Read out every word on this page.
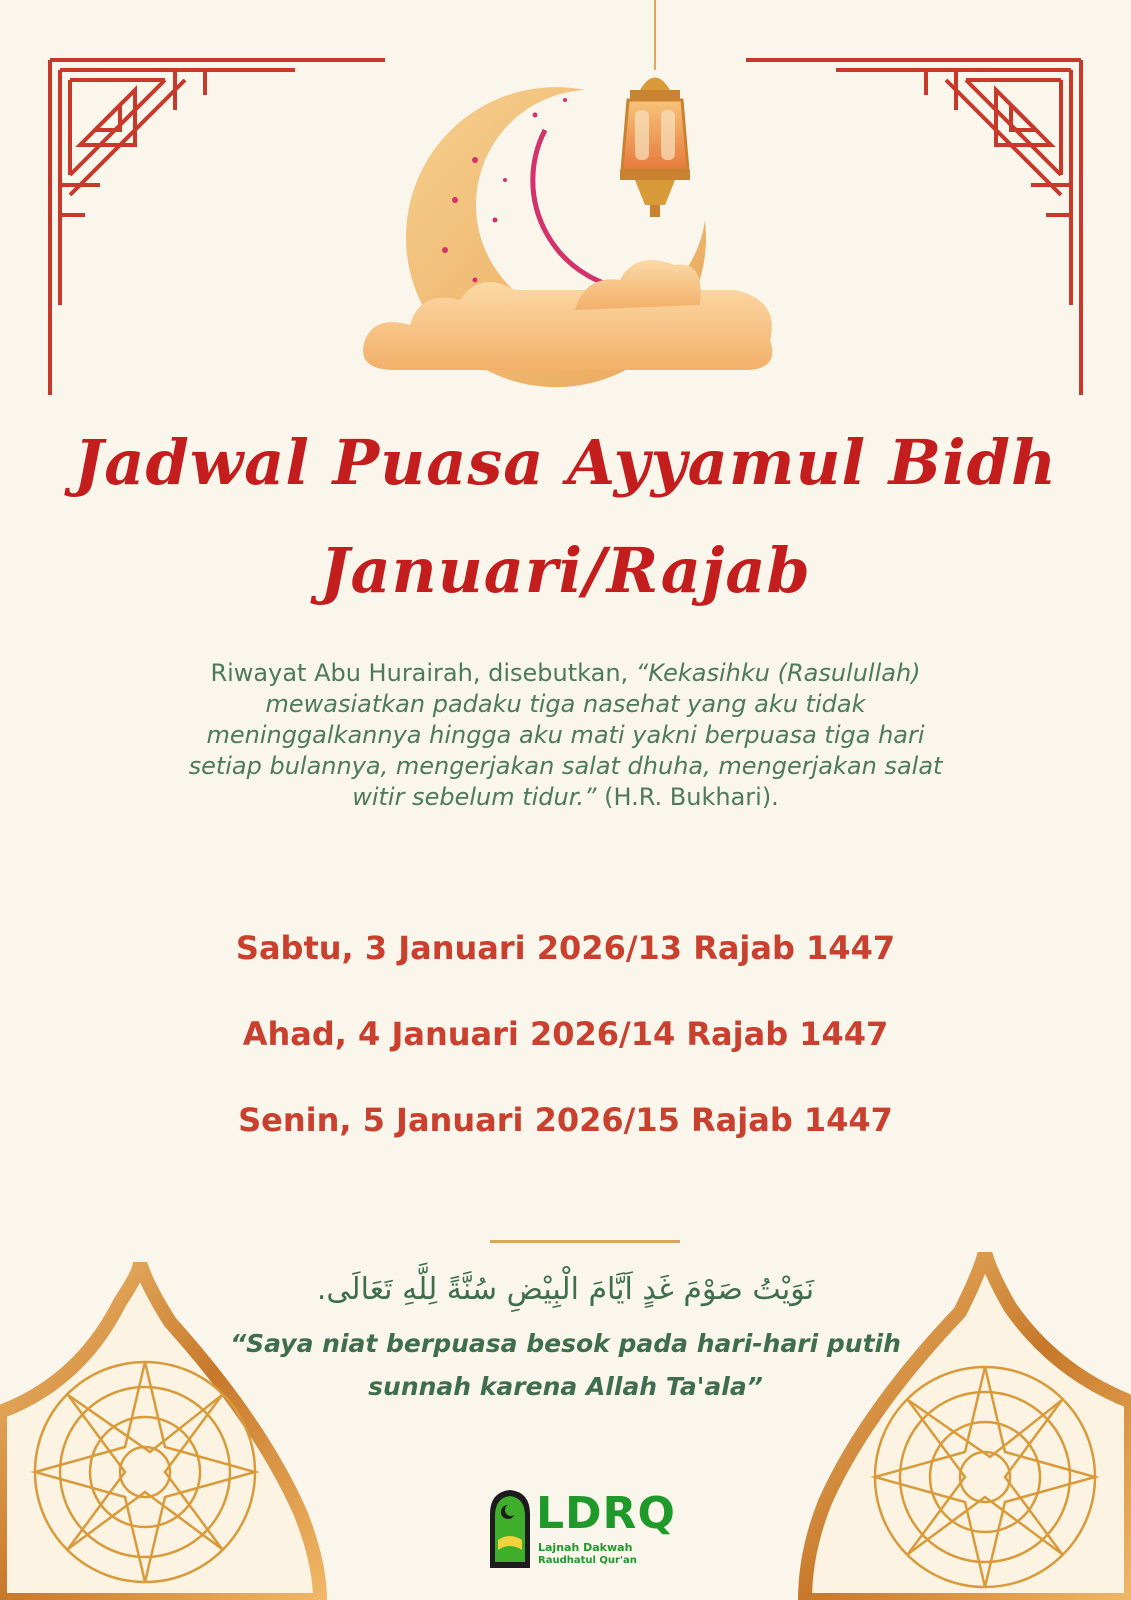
Jadwal Puasa Ayyamul Bidh
Januari/Rajab
Riwayat Abu Hurairah, disebutkan, “Kekasihku (Rasulullah) mewasiatkan padaku tiga nasehat yang aku tidak meninggalkannya hingga aku mati yakni berpuasa tiga hari setiap bulannya, mengerjakan salat dhuha, mengerjakan salat witir sebelum tidur.” (H.R. Bukhari).
Sabtu, 3 Januari 2026/13 Rajab 1447
Ahad, 4 Januari 2026/14 Rajab 1447
Senin, 5 Januari 2026/15 Rajab 1447
نَوَيْتُ صَوْمَ غَدٍ اَيَّامَ الْبِيْضِ سُنَّةً لِلَّهِ تَعَالَى.
“Saya niat berpuasa besok pada hari-hari putih sunnah karena Allah Ta'ala”
LDRQ
Lajnah Dakwah
Raudhatul Qur'an
